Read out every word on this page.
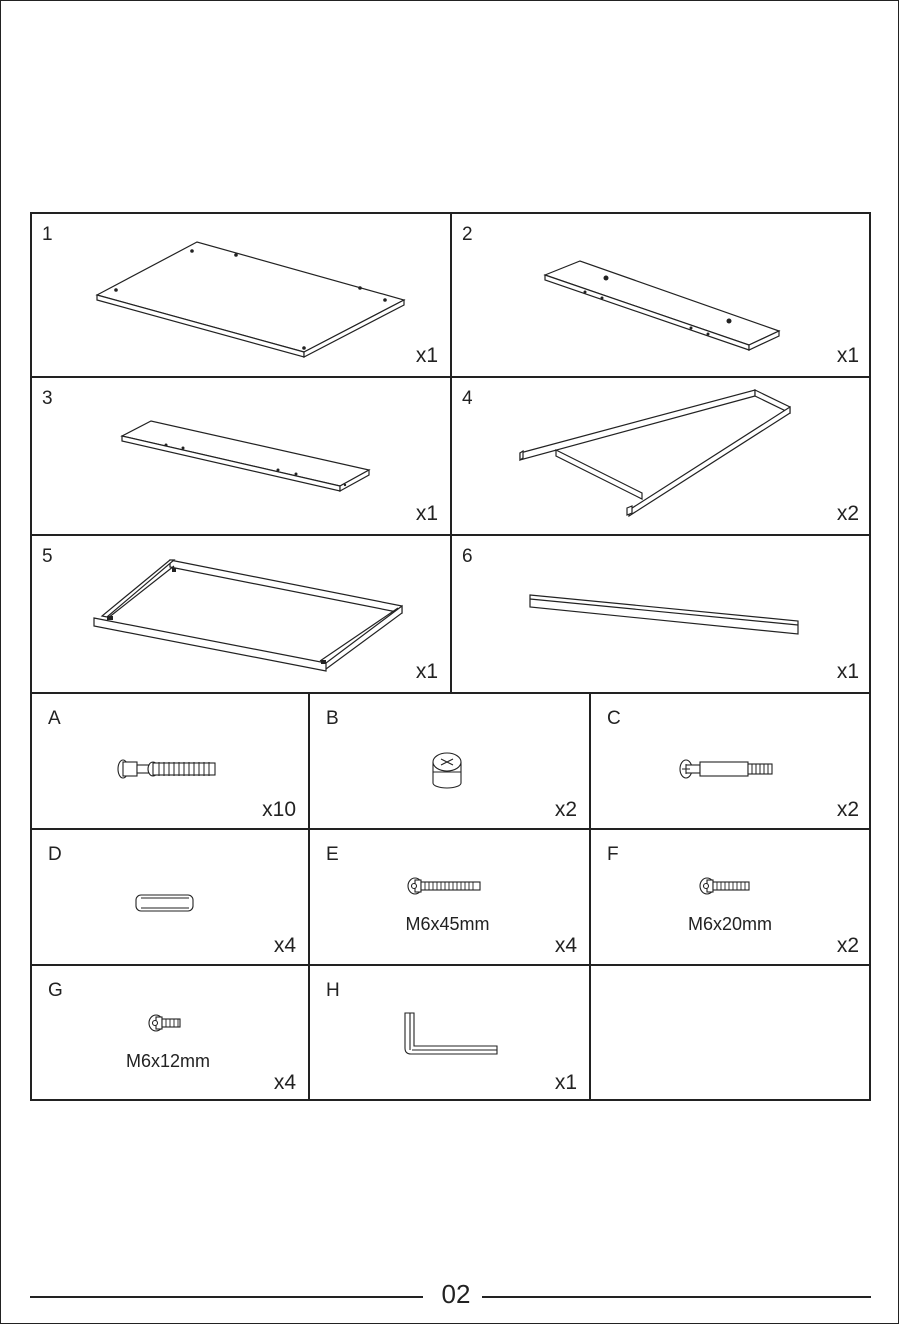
1
x1
2
x1
3
x1
4
x2
5
x1
6
x1
A
x10
B
x2
C
x2
D
x4
E
M6x45mm
x4
F
M6x20mm
x2
G
M6x12mm
x4
H
x1
02
